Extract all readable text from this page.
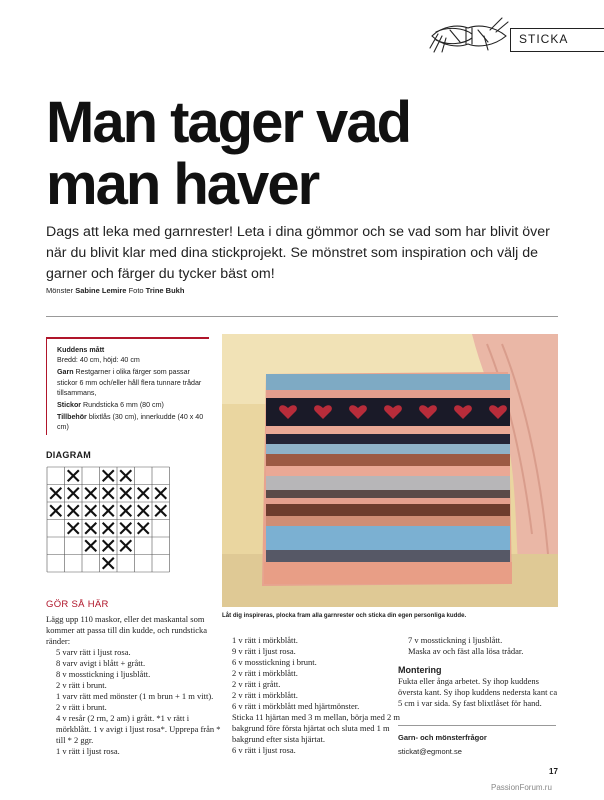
STICKA
Man tager vad
man haver

Dags att leka med garnrester! Leta i dina gömmor och se vad som har blivit över när du blivit klar med dina stickprojekt. Se mönstret som inspiration och välj de garner och färger du tycker bäst om!

Mönster Sabine Lemire Foto Trine Bukh
Kuddens mått
Bredd: 40 cm, höjd: 40 cm
Garn Restgarner i olika färger som passar stickor 6 mm och/eller håll flera tunnare trådar tillsammans,
Stickor Rundsticka 6 mm (80 cm)
Tillbehör blixtlås (30 cm), innerkudde (40 x 40 cm)
DIAGRAM
GÖR SÅ HÄR
Lägg upp 110 maskor, eller det maskantal som kommer att passa till din kudde, och rundsticka ränder:
5 varv rätt i ljust rosa.
8 varv avigt i blått + grått.
8 v mosstickning i ljusblått.
2 v rätt i brunt.
1 varv rätt med mönster (1 m brun + 1 m vitt).
2 v rätt i brunt.
4 v resår (2 rm, 2 am) i grått. *1 v rätt i mörkblått. 1 v avigt i ljust rosa*. Upprepa från * till * 2 ggr.
1 v rätt i ljust rosa.
1 v rätt i mörkblått.
9 v rätt i ljust rosa.
6 v mosstickning i brunt.
2 v rätt i mörkblått.
2 v rätt i grått.
2 v rätt i mörkblått.
6 v rätt i mörkblått med hjärtmönster.
Sticka 11 hjärtan med 3 m mellan, börja med 2 m bakgrund före första hjärtat och sluta med 1 m bakgrund efter sista hjärtat.
6 v rätt i ljust rosa.
7 v mosstickning i ljusblått.
Maska av och fäst alla lösa trådar.
Montering
Fukta eller ånga arbetet. Sy ihop kuddens översta kant. Sy ihop kuddens nedersta kant ca 5 cm i var sida. Sy fast blixtlåset för hand.
Garn- och mönsterfrågor
stickat@egmont.se
Låt dig inspireras, plocka fram alla garnrester och sticka din egen personliga kudde.
17
PassionForum.ru
